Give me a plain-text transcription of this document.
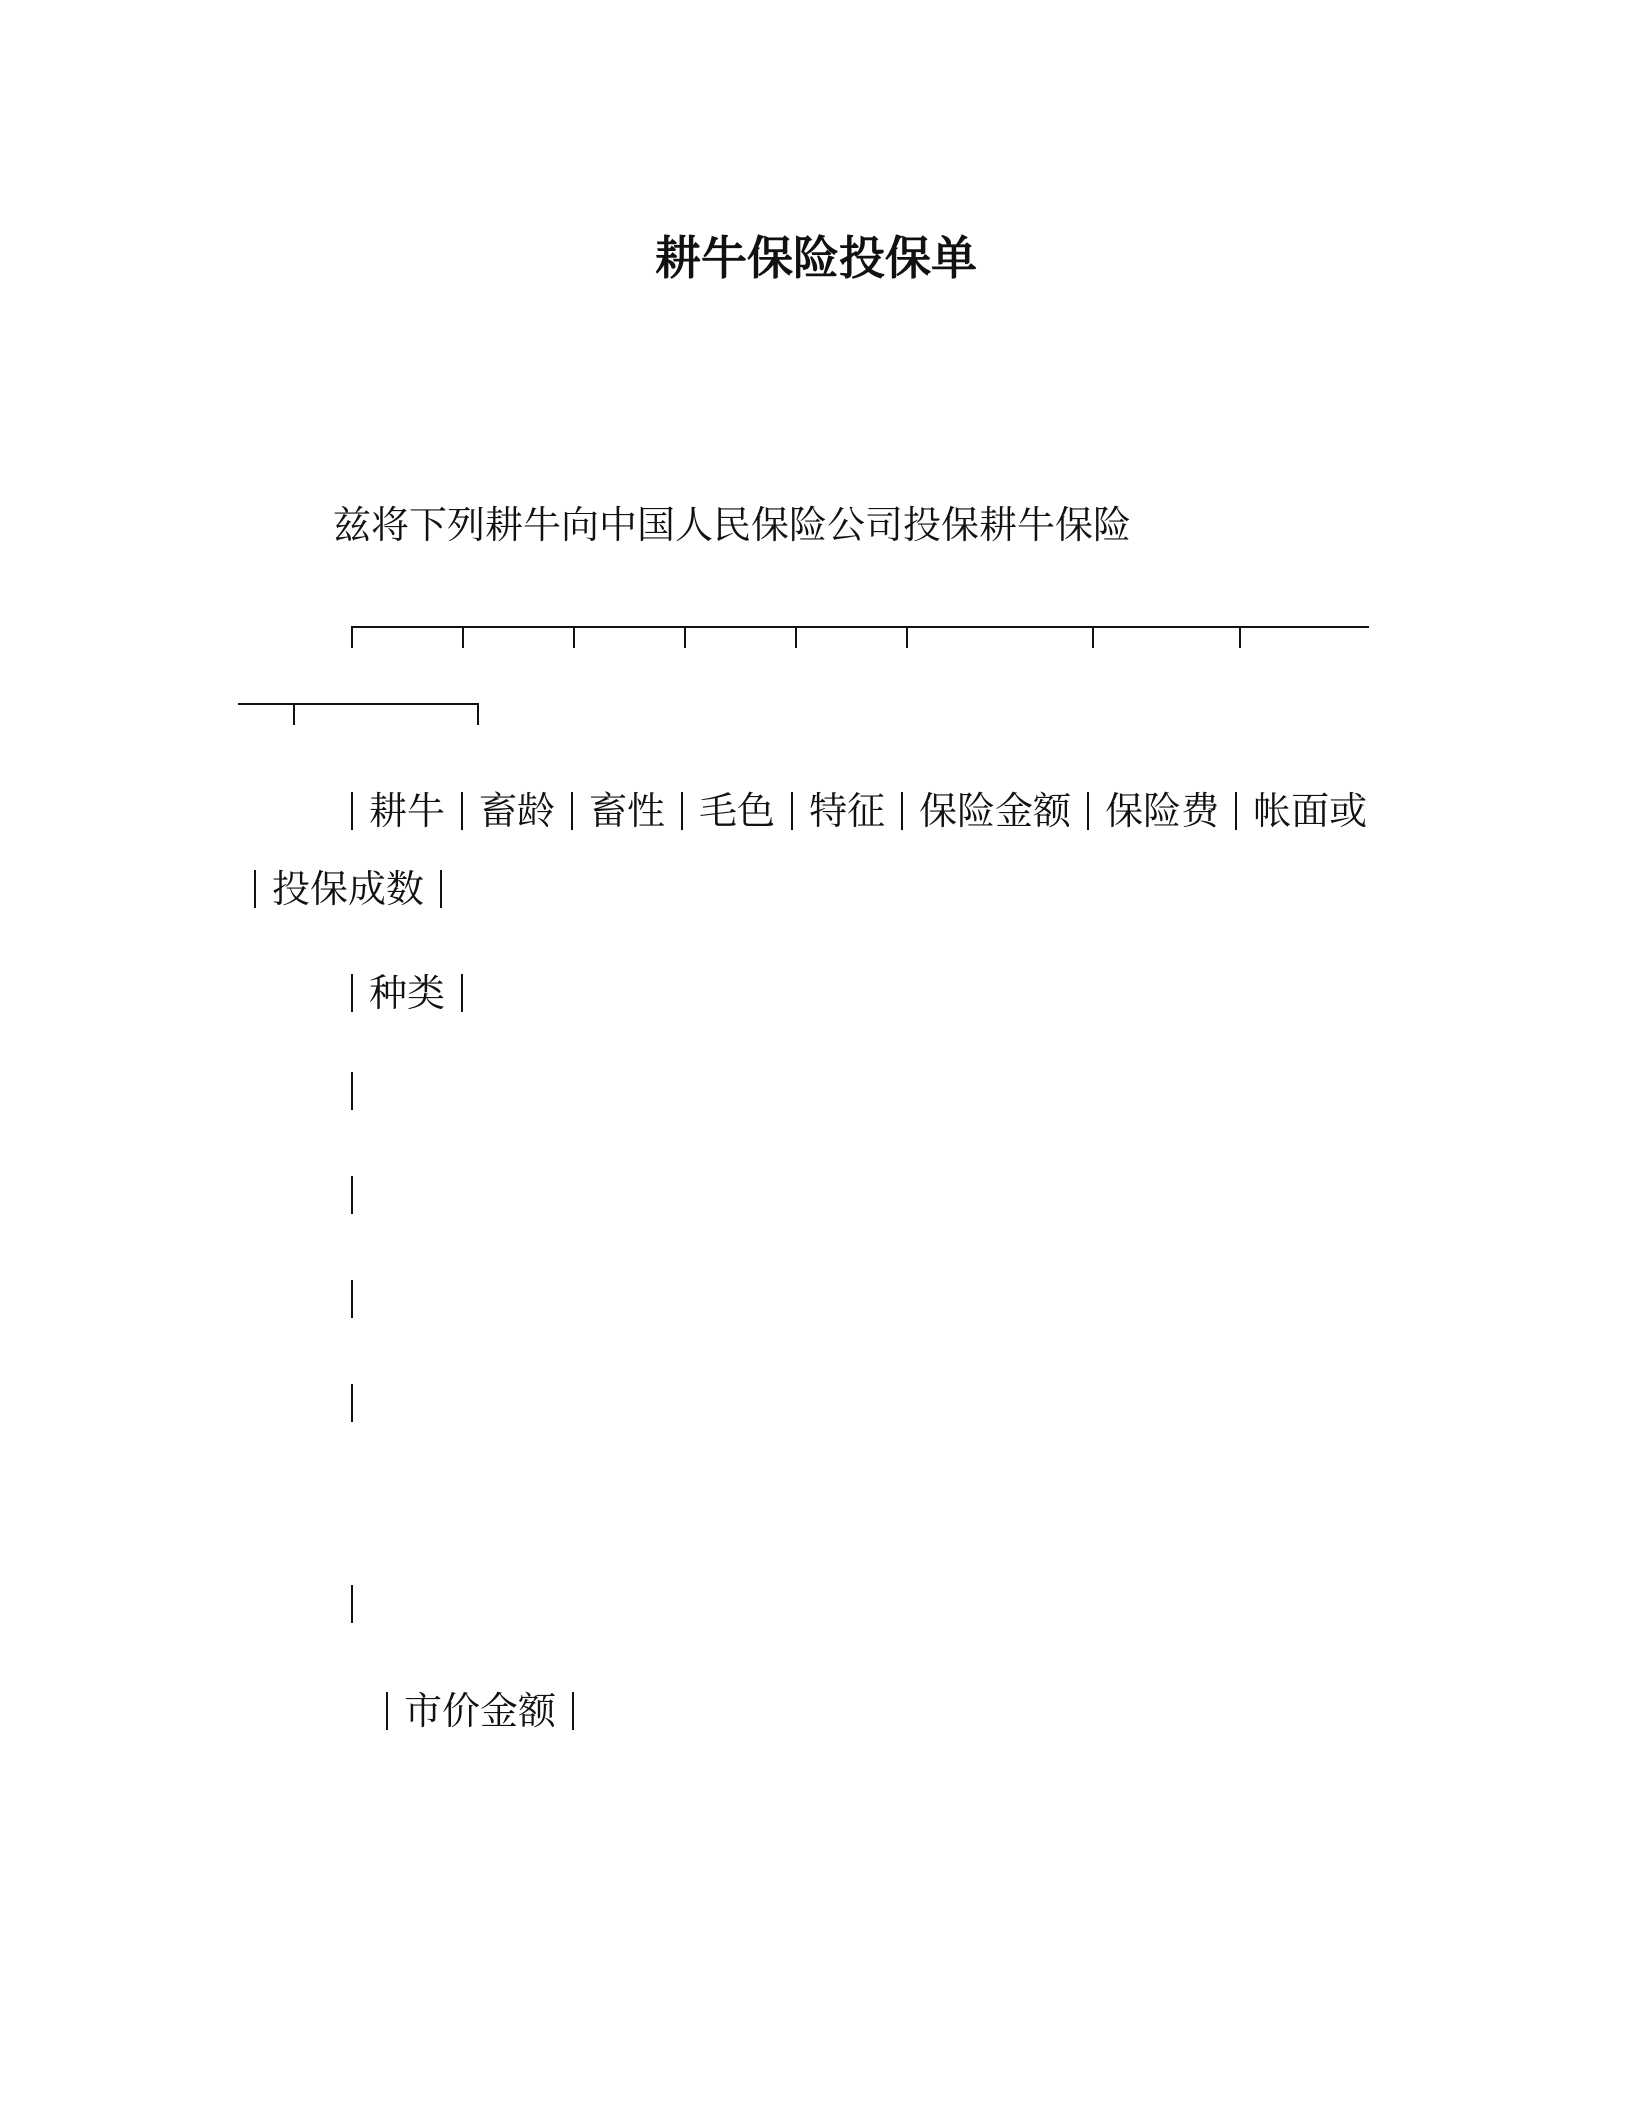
耕牛保险投保单
兹将下列耕牛向中国人民保险公司投保耕牛保险
耕牛 畜龄 畜性 毛色 特征 保险金额 保险费 帐面或
投保成数
种类
市价金额
